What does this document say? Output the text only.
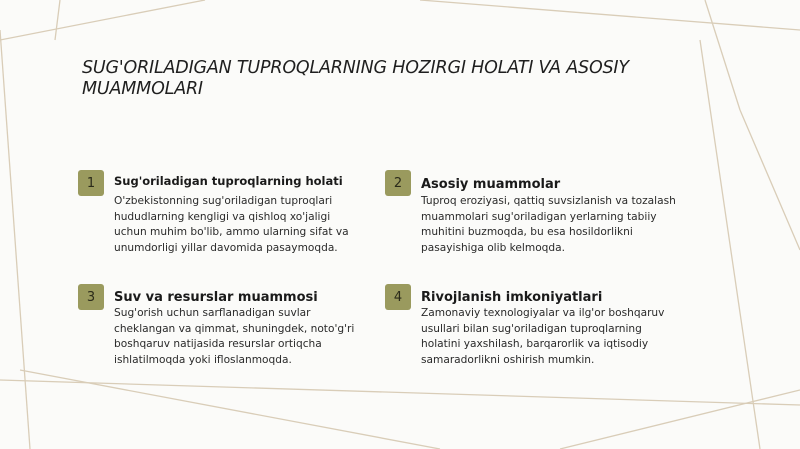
SUG'ORILADIGAN TUPROQLARNING HOZIRGI HOLATI VA ASOSIY MUAMMOLARI
1	Sug'oriladigan tuproqlarning holati
O'zbekistonning sug'oriladigan tuproqlari hududlarning kengligi va qishloq xo'jaligi uchun muhim bo'lib, ammo ularning sifat va unumdorligi yillar davomida pasaymoqda.
2	Asosiy muammolar
Tuproq eroziyasi, qattiq suvsizlanish va tozalash muammolari sug'oriladigan yerlarning tabiiy muhitini buzmoqda, bu esa hosildorlikni pasayishiga olib kelmoqda.
3	Suv va resurslar muammosi
Sug'orish uchun sarflanadigan suvlar cheklangan va qimmat, shuningdek, noto'g'ri boshqaruv natijasida resurslar ortiqcha ishlatilmoqda yoki ifloslanmoqda.
4	Rivojlanish imkoniyatlari
Zamonaviy texnologiyalar va ilg'or boshqaruv usullari bilan sug'oriladigan tuproqlarning holatini yaxshilash, barqarorlik va iqtisodiy samaradorlikni oshirish mumkin.
